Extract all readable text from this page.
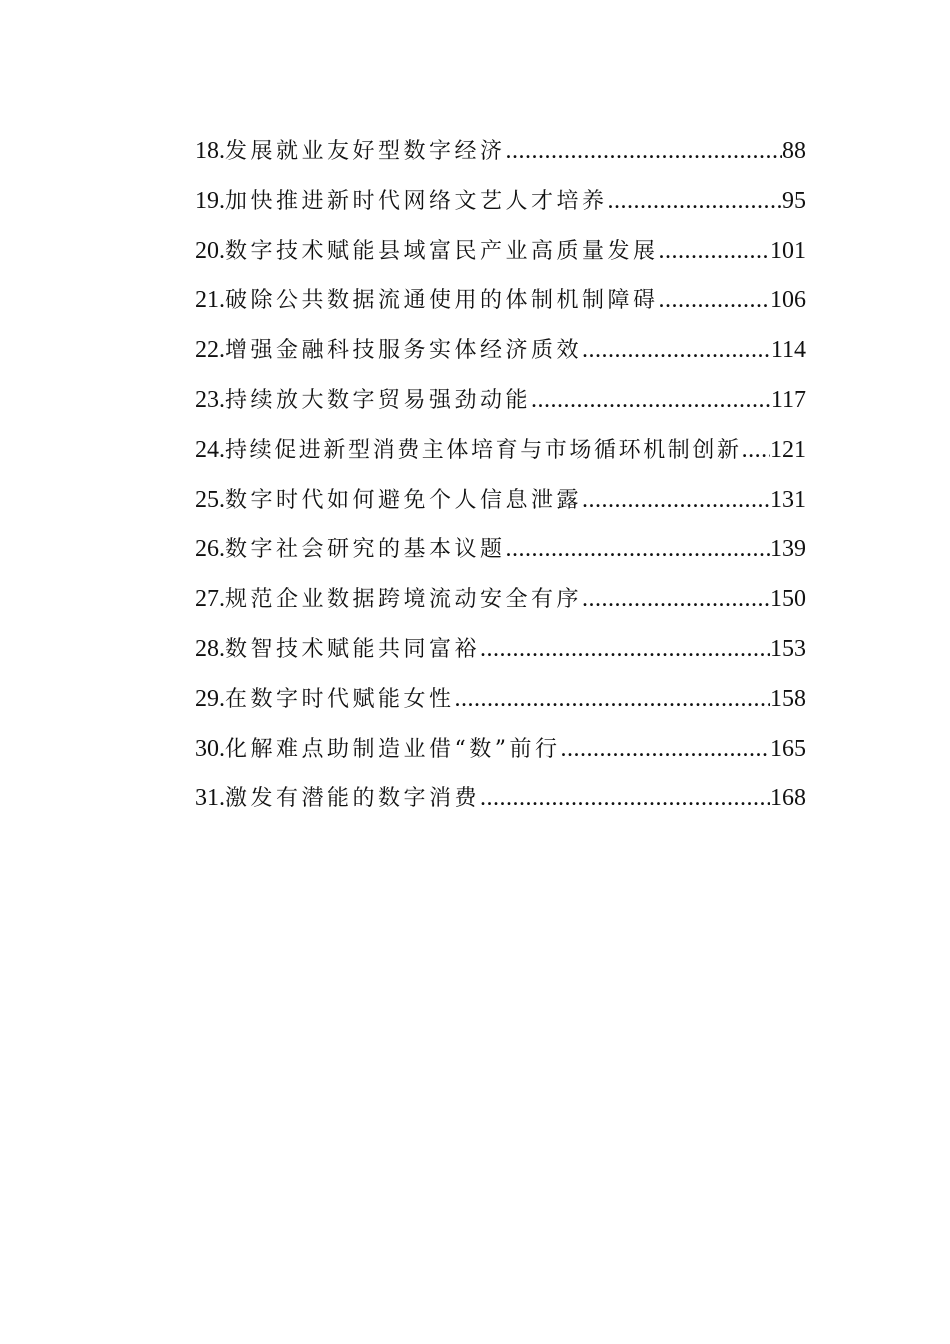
18. 发展就业友好型数字经济 .....	88
19. 加快推进新时代网络文艺人才培养 .....	95
20. 数字技术赋能县域富民产业高质量发展 .....	101
21. 破除公共数据流通使用的体制机制障碍 .....	106
22. 增强金融科技服务实体经济质效 .....	114
23. 持续放大数字贸易强劲动能 .....	117
24. 持续促进新型消费主体培育与市场循环机制创新 ..... 121
25. 数字时代如何避免个人信息泄露 .....	131
26. 数字社会研究的基本议题 .....	139
27. 规范企业数据跨境流动安全有序 .....	150
28. 数智技术赋能共同富裕 .....	153
29. 在数字时代赋能女性 .....	158
30. 化解难点助制造业借“数”前行 .....	165
31. 激发有潜能的数字消费 .....	168
